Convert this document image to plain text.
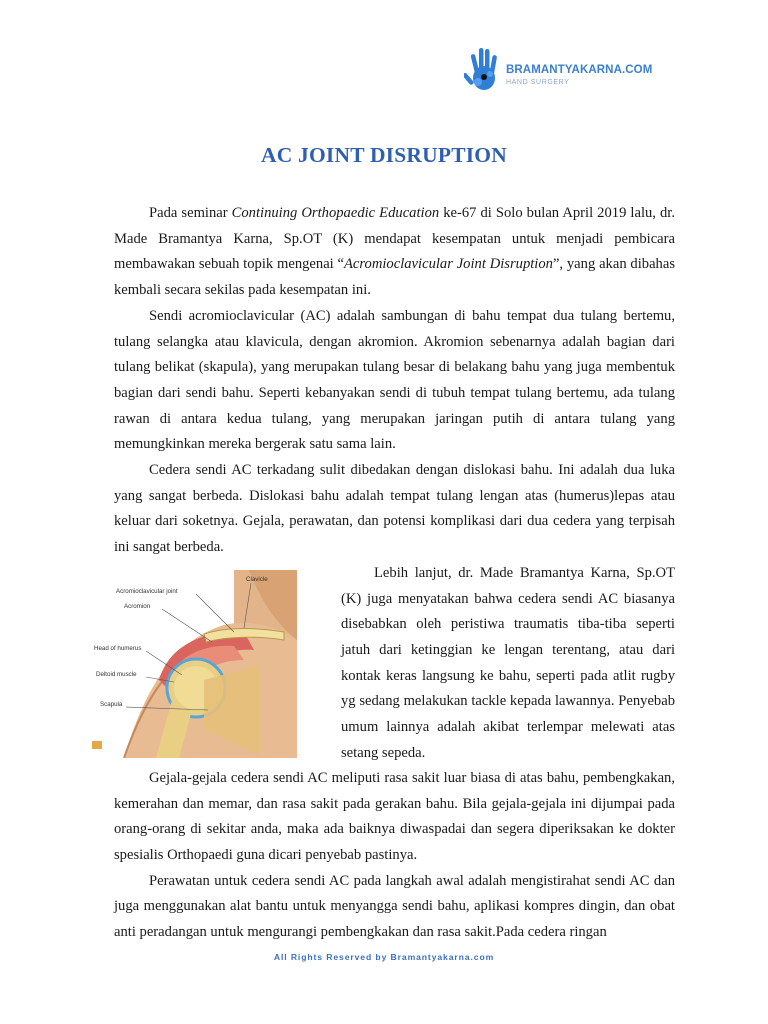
BRAMANTYAKARNA.COM
HAND SURGERY
AC JOINT DISRUPTION

Pada seminar Continuing Orthopaedic Education ke-67 di Solo bulan April 2019 lalu, dr. Made Bramantya Karna, Sp.OT (K) mendapat kesempatan untuk menjadi pembicara membawakan sebuah topik mengenai “Acromioclavicular Joint Disruption”, yang akan dibahas kembali secara sekilas pada kesempatan ini.

Sendi acromioclavicular (AC) adalah sambungan di bahu tempat dua tulang bertemu, tulang selangka atau klavicula, dengan akromion. Akromion sebenarnya adalah bagian dari tulang belikat (skapula), yang merupakan tulang besar di belakang bahu yang juga membentuk bagian dari sendi bahu. Seperti kebanyakan sendi di tubuh tempat tulang bertemu, ada tulang rawan di antara kedua tulang, yang merupakan jaringan putih di antara tulang yang memungkinkan mereka bergerak satu sama lain.

Cedera sendi AC terkadang sulit dibedakan dengan dislokasi bahu. Ini adalah dua luka yang sangat berbeda. Dislokasi bahu adalah tempat tulang lengan atas (humerus)lepas atau keluar dari soketnya. Gejala, perawatan, dan potensi komplikasi dari dua cedera yang terpisah ini sangat berbeda.

Clavicle
Acromioclavicular joint
Acromion
Head of humerus
Deltoid muscle
Scapula

Lebih lanjut, dr. Made Bramantya Karna, Sp.OT (K) juga menyatakan bahwa cedera sendi AC biasanya disebabkan oleh peristiwa traumatis tiba-tiba seperti jatuh dari ketinggian ke lengan terentang, atau dari kontak keras langsung ke bahu, seperti pada atlit rugby yg sedang melakukan tackle kepada lawannya. Penyebab umum lainnya adalah akibat terlempar melewati atas setang sepeda.

Gejala-gejala cedera sendi AC meliputi rasa sakit luar biasa di atas bahu, pembengkakan, kemerahan dan memar, dan rasa sakit pada gerakan bahu. Bila gejala-gejala ini dijumpai pada orang-orang di sekitar anda, maka ada baiknya diwaspadai dan segera diperiksakan ke dokter spesialis Orthopaedi guna dicari penyebab pastinya.

Perawatan untuk cedera sendi AC pada langkah awal adalah mengistirahat sendi AC dan juga menggunakan alat bantu untuk menyangga sendi bahu, aplikasi kompres dingin, dan obat anti peradangan untuk mengurangi pembengkakan dan rasa sakit.Pada cedera ringan

All Rights Reserved by Bramantyakarna.com
